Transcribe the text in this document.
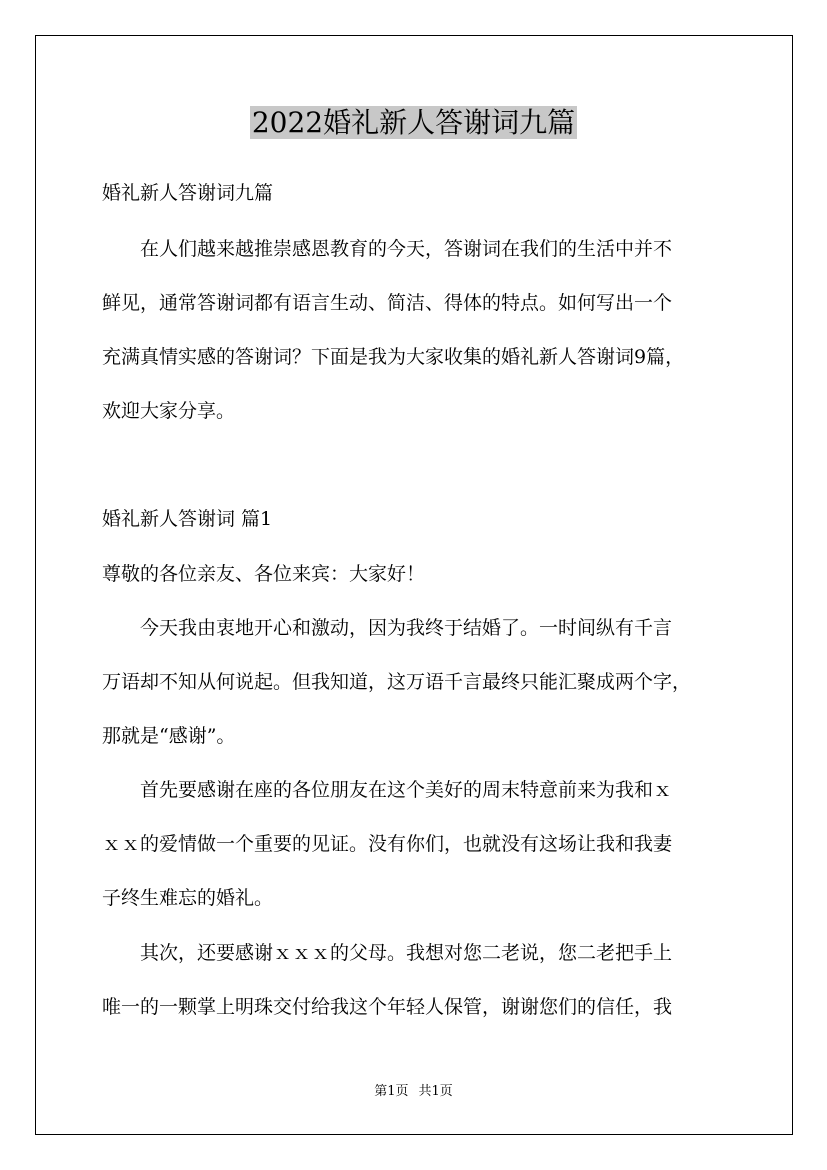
2022婚礼新人答谢词九篇

婚礼新人答谢词九篇

　　在人们越来越推崇感恩教育的今天，答谢词在我们的生活中并不

鲜见，通常答谢词都有语言生动、简洁、得体的特点。如何写出一个

充满真情实感的答谢词？下面是我为大家收集的婚礼新人答谢词9篇，

欢迎大家分享。

婚礼新人答谢词 篇1

尊敬的各位亲友、各位来宾：大家好！

　　今天我由衷地开心和激动，因为我终于结婚了。一时间纵有千言

万语却不知从何说起。但我知道，这万语千言最终只能汇聚成两个字，

那就是“感谢”。

　　首先要感谢在座的各位朋友在这个美好的周末特意前来为我和ｘ

ｘｘ的爱情做一个重要的见证。没有你们，也就没有这场让我和我妻

子终生难忘的婚礼。

　　其次，还要感谢ｘｘｘ的父母。我想对您二老说，您二老把手上

唯一的一颗掌上明珠交付给我这个年轻人保管，谢谢您们的信任，我

第1页 共1页
